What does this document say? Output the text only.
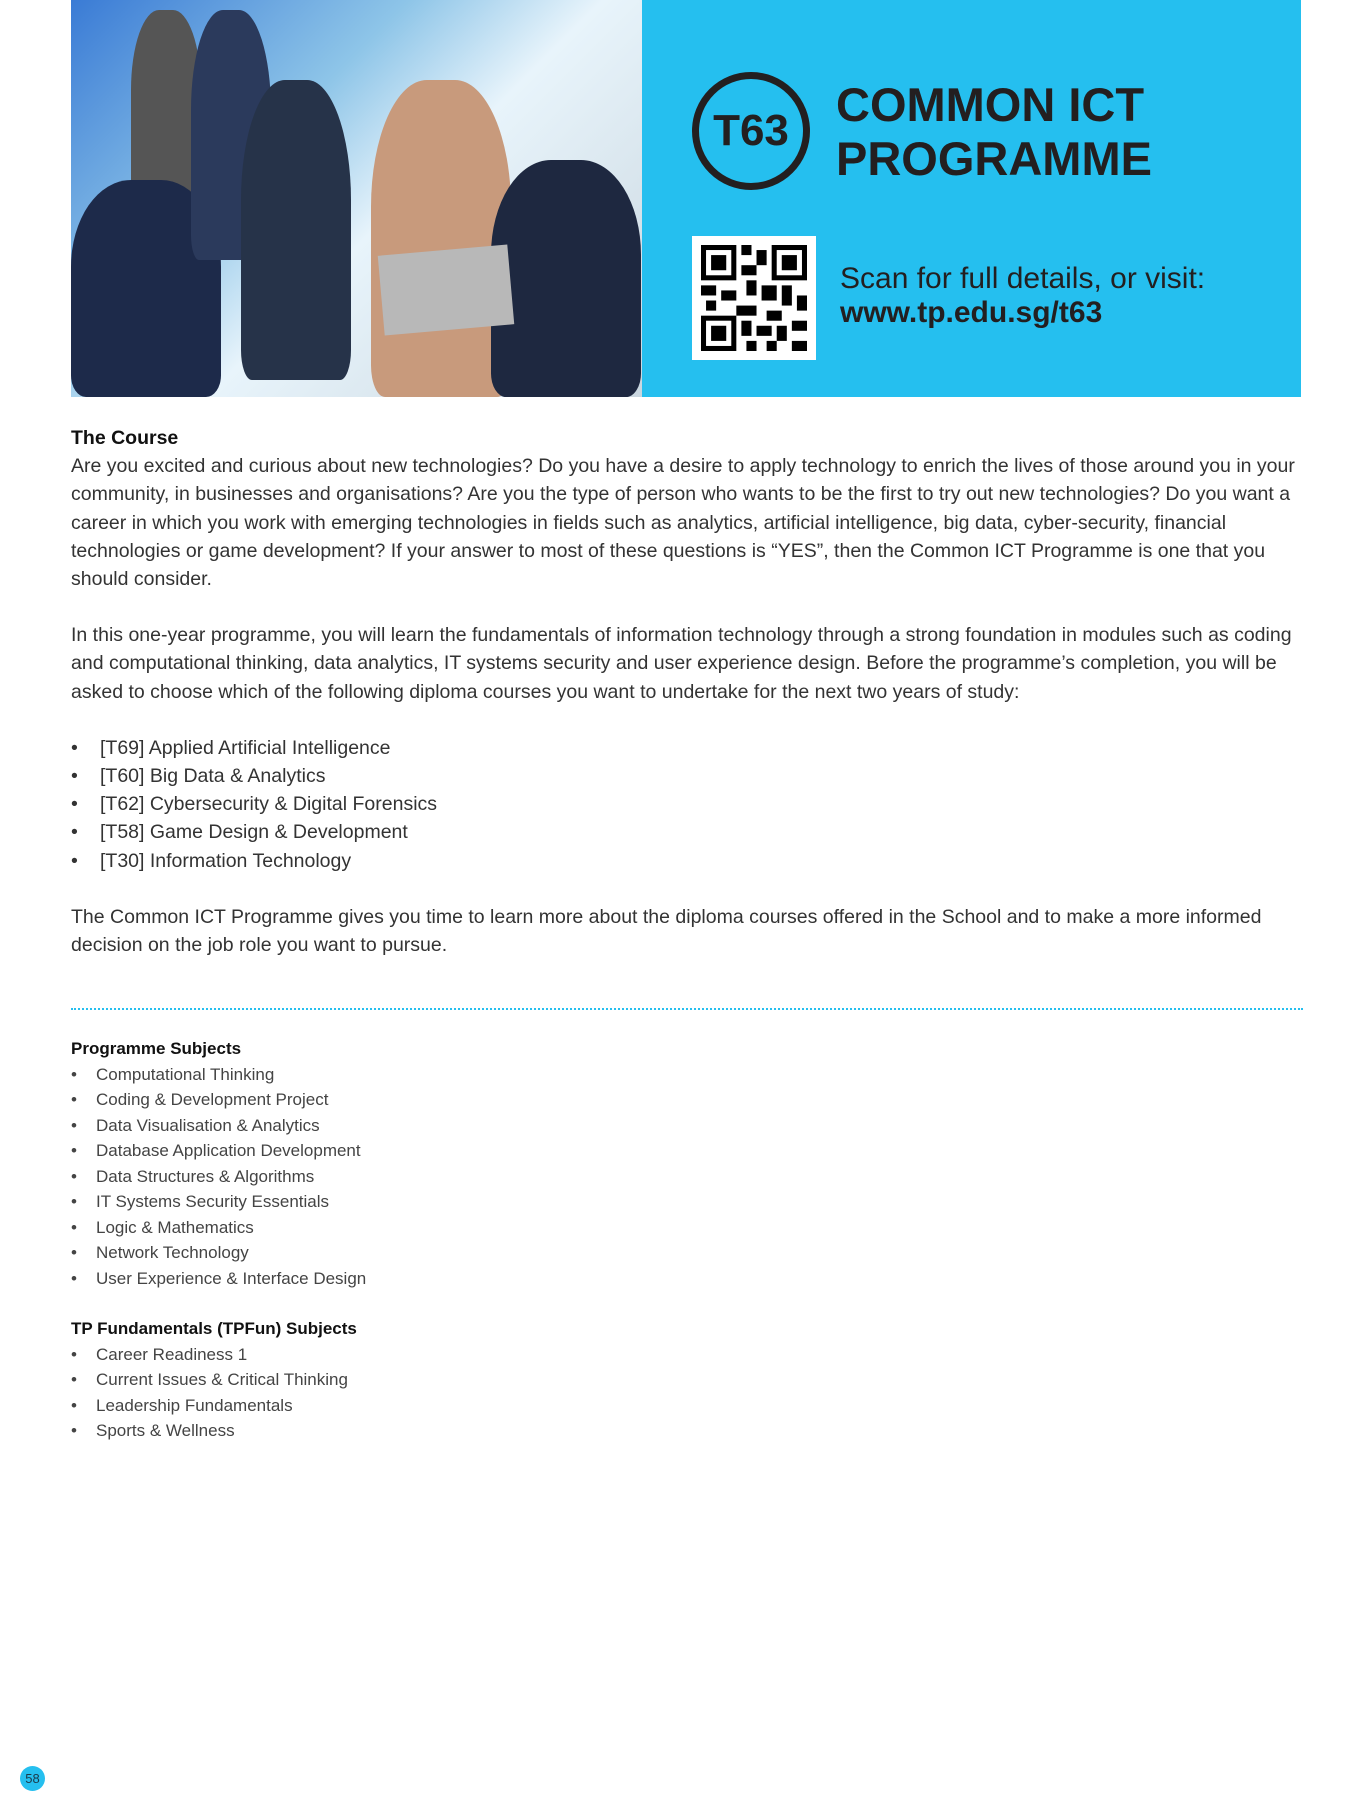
T63	COMMON ICT
PROGRAMME
Scan for full details, or visit:
www.tp.edu.sg/t63
The Course

Are you excited and curious about new technologies? Do you have a desire to apply technology to enrich the lives of those around you in your community, in businesses and organisations? Are you the type of person who wants to be the first to try out new technologies? Do you want a career in which you work with emerging technologies in fields such as analytics, artificial intelligence, big data, cyber-security, financial technologies or game development? If your answer to most of these questions is “YES”, then the Common ICT Programme is one that you should consider.

In this one-year programme, you will learn the fundamentals of information technology through a strong foundation in modules such as coding and computational thinking, data analytics, IT systems security and user experience design. Before the programme’s completion, you will be asked to choose which of the following diploma courses you want to undertake for the next two years of study:

• [T69] Applied Artificial Intelligence
• [T60] Big Data & Analytics
• [T62] Cybersecurity & Digital Forensics
• [T58] Game Design & Development
• [T30] Information Technology

The Common ICT Programme gives you time to learn more about the diploma courses offered in the School and to make a more informed decision on the job role you want to pursue.

Programme Subjects
• Computational Thinking
• Coding & Development Project
• Data Visualisation & Analytics
• Database Application Development
• Data Structures & Algorithms
• IT Systems Security Essentials
• Logic & Mathematics
• Network Technology
• User Experience & Interface Design
TP Fundamentals (TPFun) Subjects
• Career Readiness 1
• Current Issues & Critical Thinking
• Leadership Fundamentals
• Sports & Wellness
58
